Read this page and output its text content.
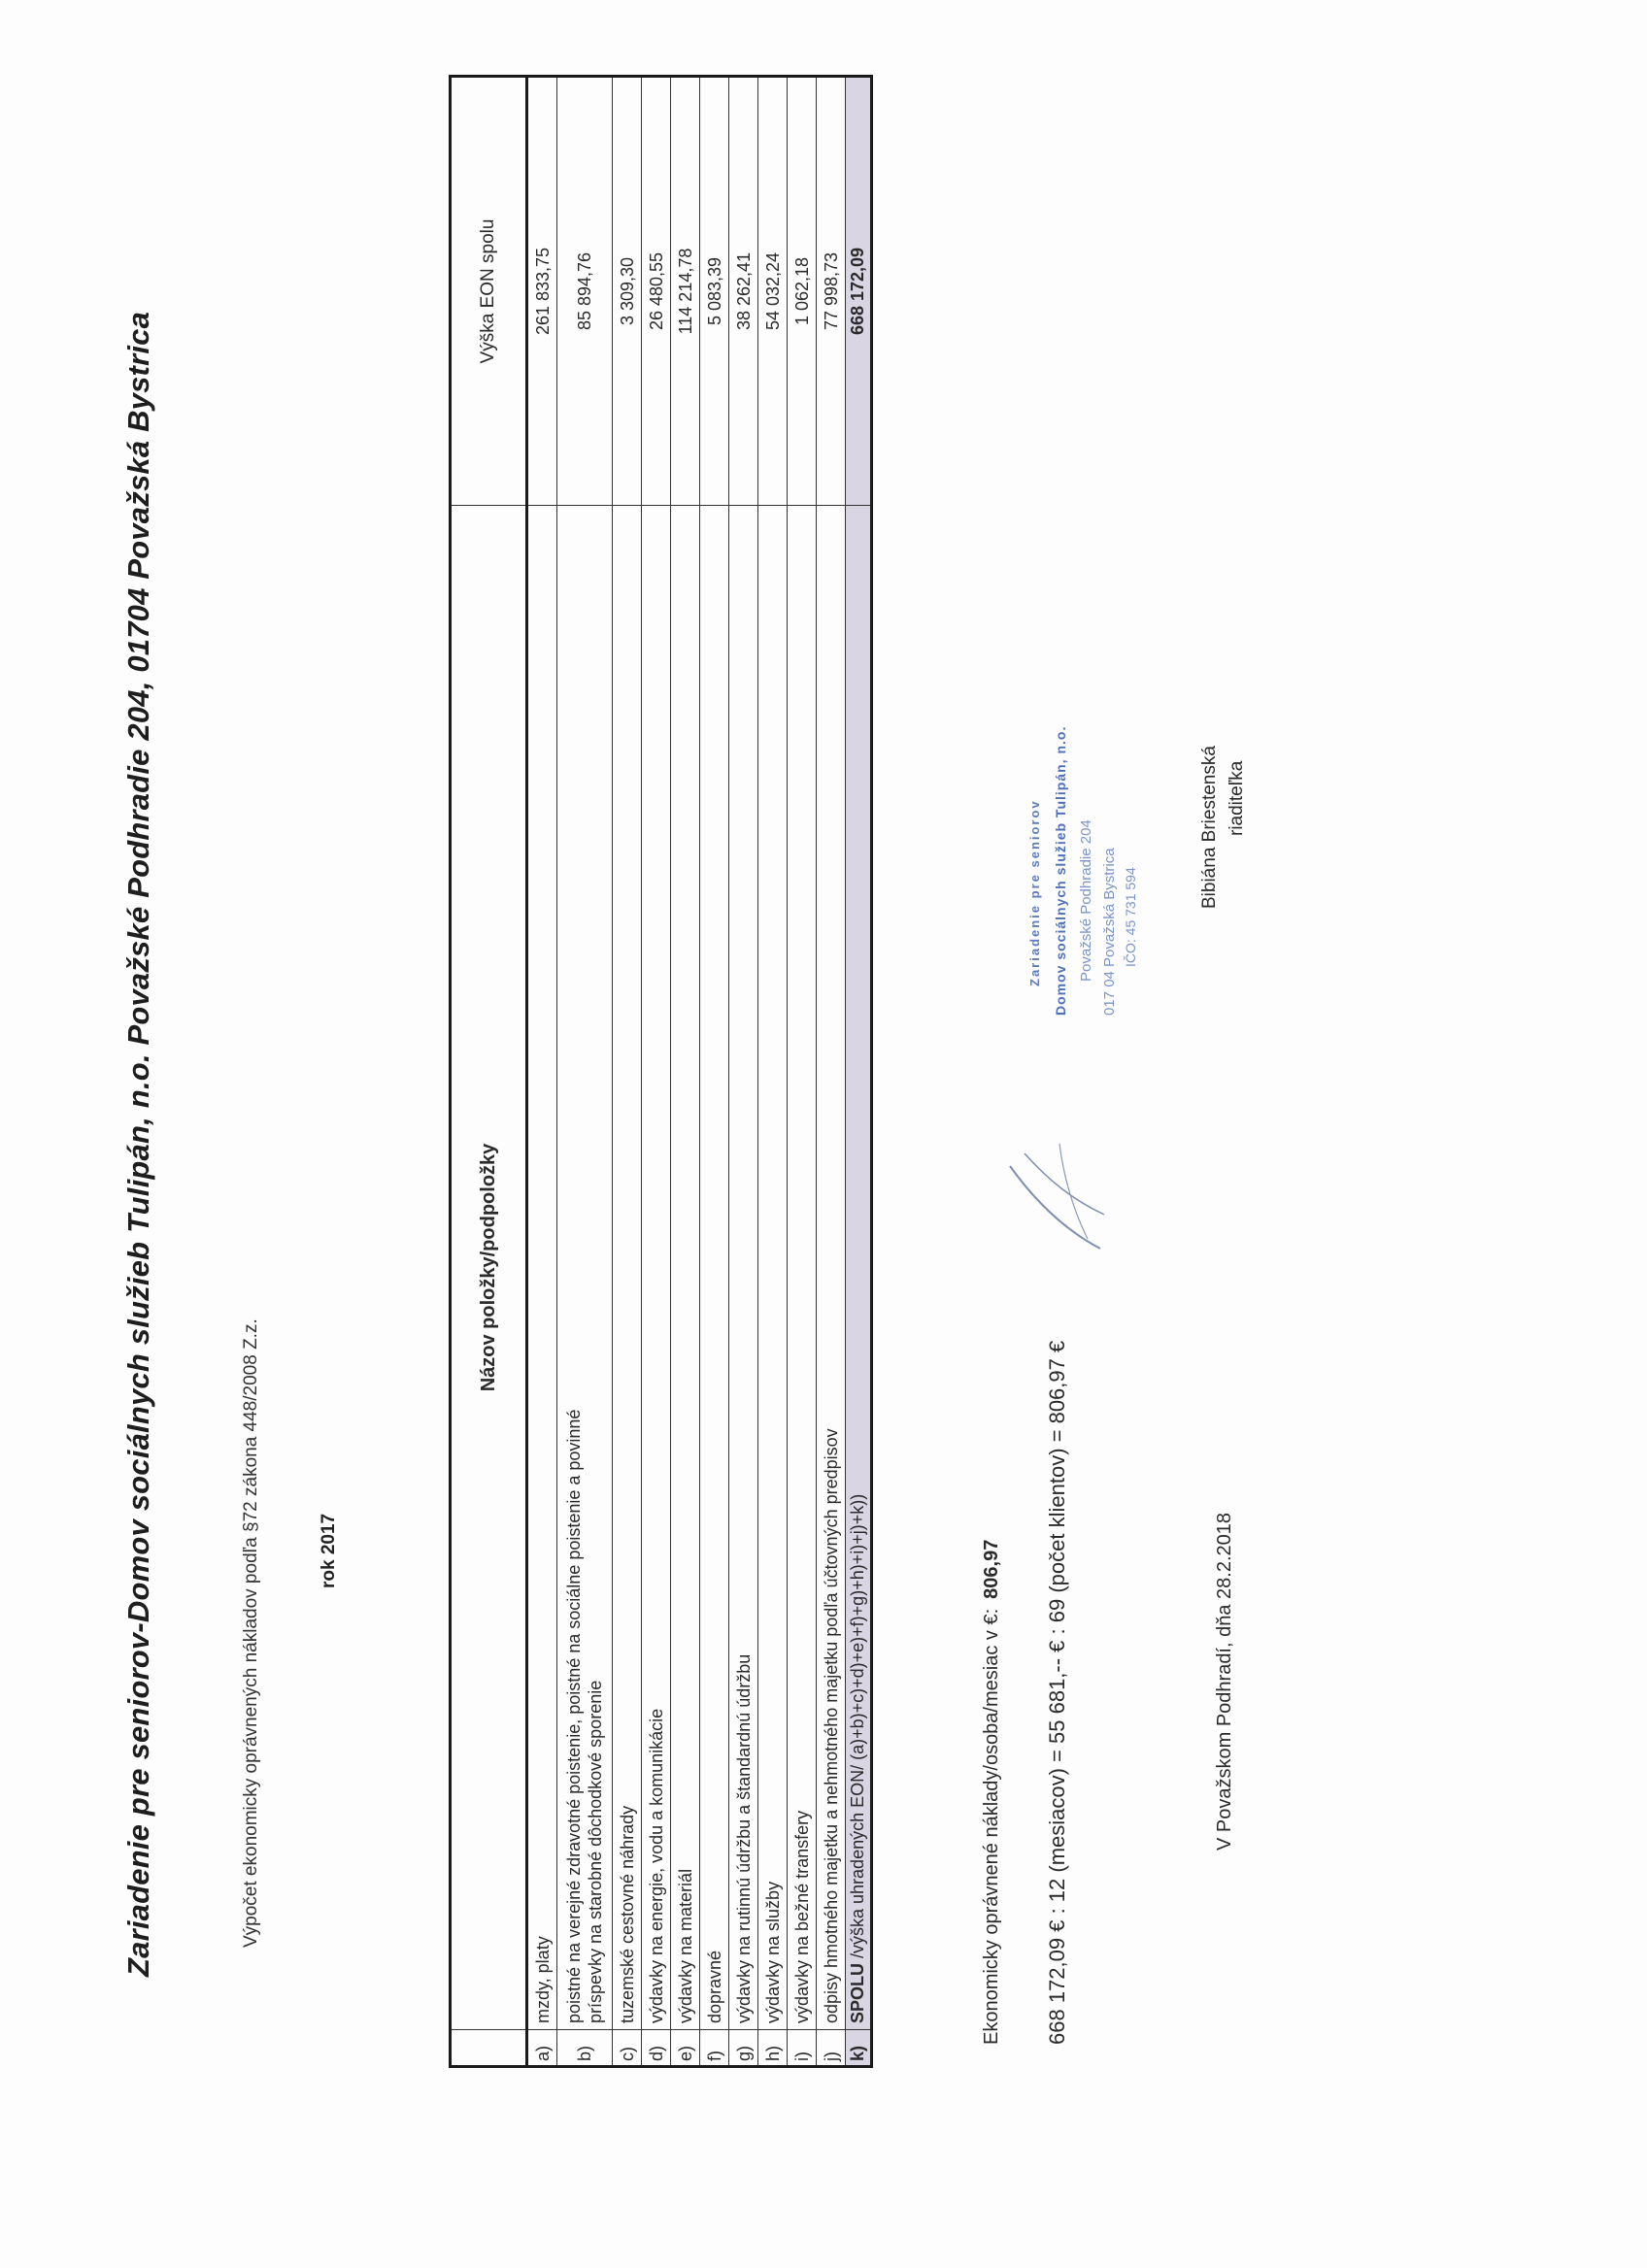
Zariadenie pre seniorov-Domov sociálnych služieb Tulipán, n.o. Považské Podhradie 204, 01704 Považská Bystrica	Výpočet ekonomicky oprávnených nákladov podľa §72 zákona 448/2008 Z.z.	rok 2017
	Názov položky/podpoložky	Výška EON spolu
a)	mzdy, platy	261 833,75
b)	poistné na verejné zdravotné poistenie, poistné na sociálne poistenie a povinné príspevky na starobné dôchodkové sporenie	85 894,76
c)	tuzemské cestovné náhrady	3 309,30
d)	výdavky na energie, vodu a komunikácie	26 480,55
e)	výdavky na materiál	114 214,78
f)	dopravné	5 083,39
g)	výdavky na rutinnú údržbu a štandardnú údržbu	38 262,41
h)	výdavky na služby	54 032,24
i)	výdavky na bežné transfery	1 062,18
j)	odpisy hmotného majetku a nehmotného majetku podľa účtovných predpisov	77 998,73
k)	SPOLU /výška uhradených EON/ (a)+b)+c)+d)+e)+f)+g)+h)+i)+j)+k))	668 172,09
Ekonomicky oprávnené náklady/osoba/mesiac v €:806,97 668 172,09 € : 12 (mesiacov) = 55 681,-- € : 69 (počet klientov) = 806,97 €	V Považskom Podhradí, dňa 28.2.2018
Zariadenie pre seniorov Domov sociálnych služieb Tulipán, n.o. Považské Podhradie 204 017 04 Považská Bystrica IČO: 45 731 594
Bibiána Briestenská riaditeľka
